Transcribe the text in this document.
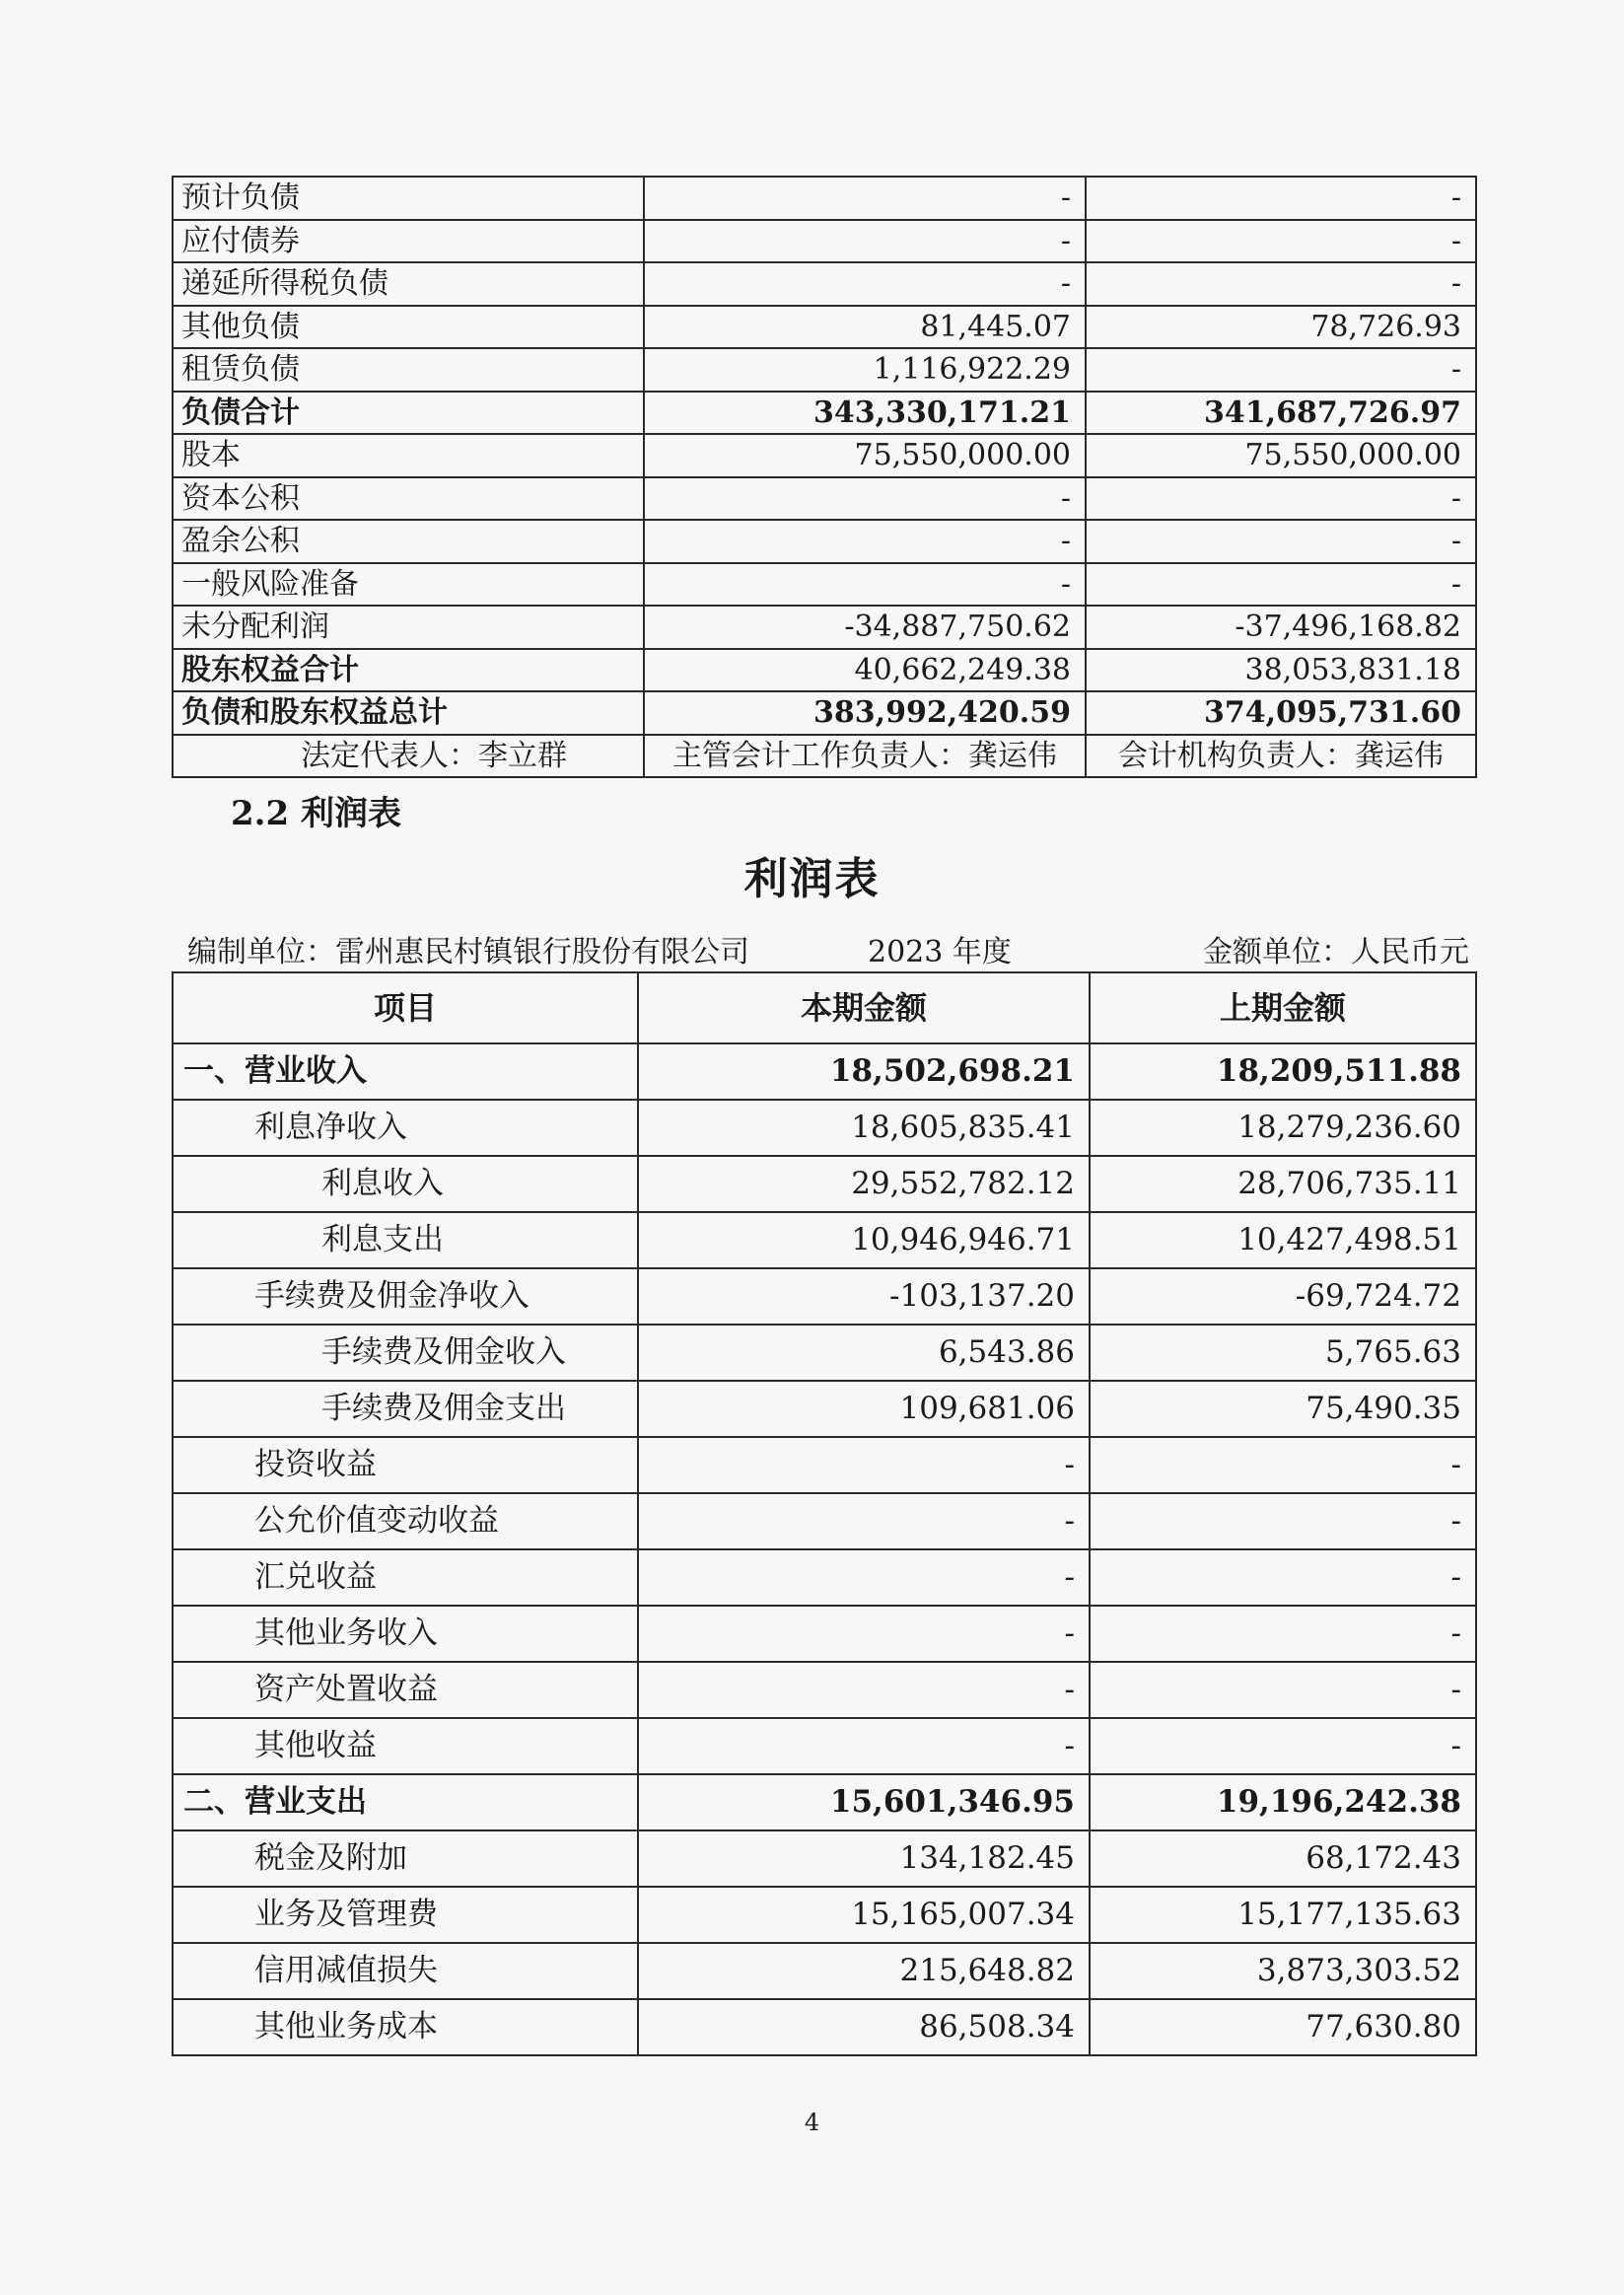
预计负债	-	-
应付债券	-	-
递延所得税负债	-	-
其他负债	81,445.07	78,726.93
租赁负债	1,116,922.29	-
负债合计	343,330,171.21	341,687,726.97
股本	75,550,000.00	75,550,000.00
资本公积	-	-
盈余公积	-	-
一般风险准备	-	-
未分配利润	-34,887,750.62	-37,496,168.82
股东权益合计	40,662,249.38	38,053,831.18
负债和股东权益总计	383,992,420.59	374,095,731.60
法定代表人：李立群	主管会计工作负责人：龚运伟	会计机构负责人：龚运伟
2.2 利润表
利润表
编制单位：雷州惠民村镇银行股份有限公司	2023 年度	金额单位：人民币元
项目	本期金额	上期金额
一、营业收入	18,502,698.21	18,209,511.88
利息净收入	18,605,835.41	18,279,236.60
利息收入	29,552,782.12	28,706,735.11
利息支出	10,946,946.71	10,427,498.51
手续费及佣金净收入	-103,137.20	-69,724.72
手续费及佣金收入	6,543.86	5,765.63
手续费及佣金支出	109,681.06	75,490.35
投资收益	-	-
公允价值变动收益	-	-
汇兑收益	-	-
其他业务收入	-	-
资产处置收益	-	-
其他收益	-	-
二、营业支出	15,601,346.95	19,196,242.38
税金及附加	134,182.45	68,172.43
业务及管理费	15,165,007.34	15,177,135.63
信用减值损失	215,648.82	3,873,303.52
其他业务成本	86,508.34	77,630.80
4
